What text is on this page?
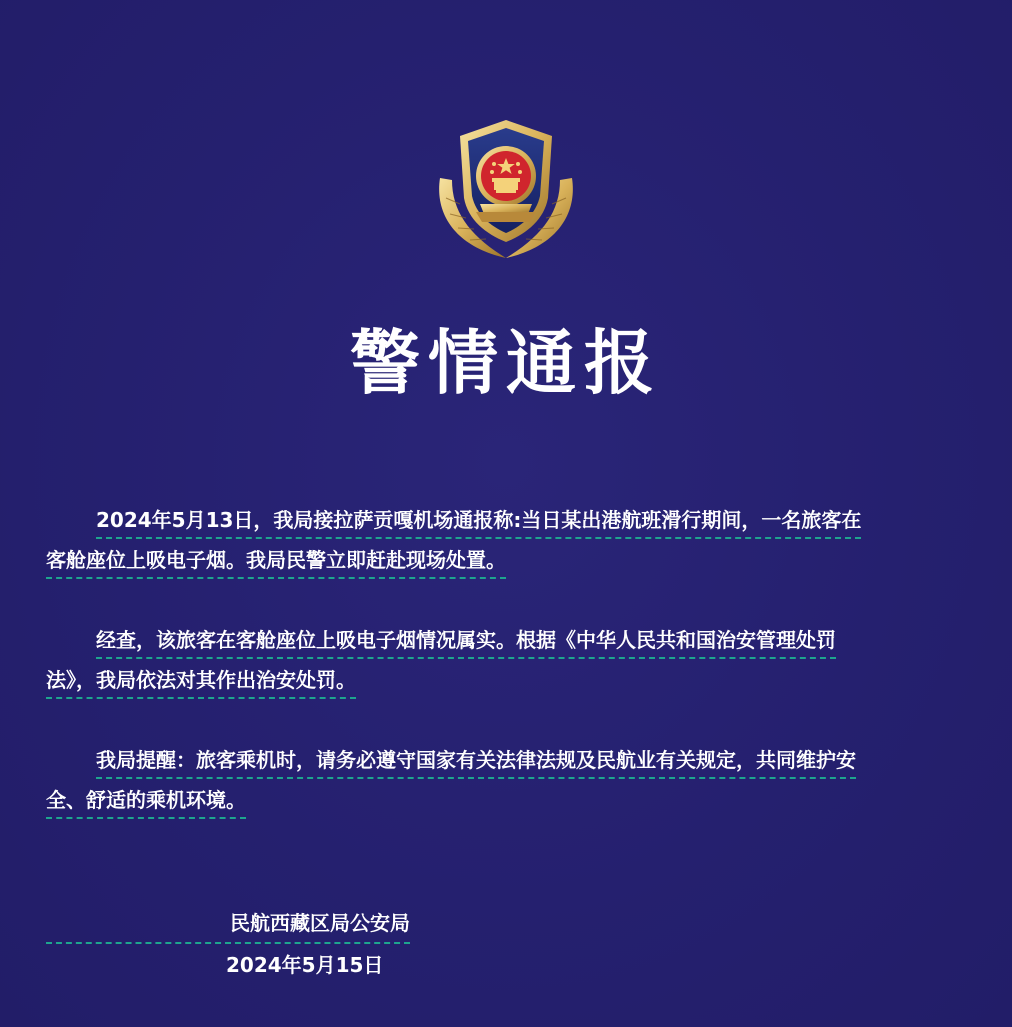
警情通报
2024年5月13日，我局接拉萨贡嘎机场通报称:当日某出港航班滑行期间，一名旅客在
客舱座位上吸电子烟。我局民警立即赶赴现场处置。
经查，该旅客在客舱座位上吸电子烟情况属实。根据《中华人民共和国治安管理处罚
法》，我局依法对其作出治安处罚。
我局提醒：旅客乘机时，请务必遵守国家有关法律法规及民航业有关规定，共同维护安
全、舒适的乘机环境。
民航西藏区局公安局
2024年5月15日
